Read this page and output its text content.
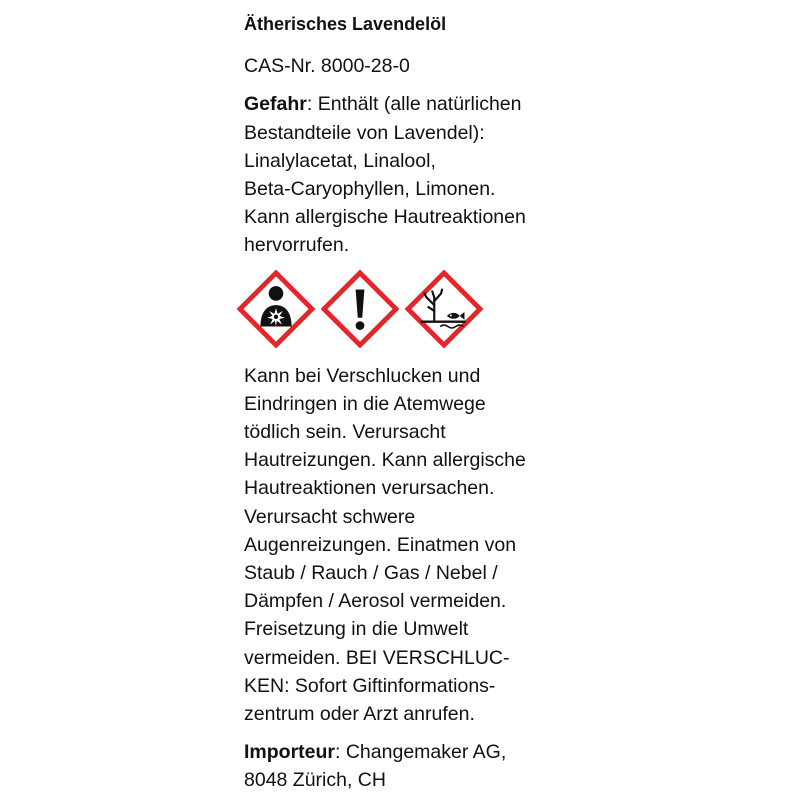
Ätherisches Lavendelöl
CAS-Nr. 8000-28-0
Gefahr: Enthält (alle natürlichen
Bestandteile von Lavendel):
Linalylacetat, Linalool,
Beta-Caryophyllen, Limonen.
Kann allergische Hautreaktionen
hervorrufen.
Kann bei Verschlucken und
Eindringen in die Atemwege
tödlich sein. Verursacht
Hautreizungen. Kann allergische
Hautreaktionen verursachen.
Verursacht schwere
Augenreizungen. Einatmen von
Staub / Rauch / Gas / Nebel /
Dämpfen / Aerosol vermeiden.
Freisetzung in die Umwelt
vermeiden. BEI VERSCHLUC-
KEN: Sofort Giftinformations-
zentrum oder Arzt anrufen.
Importeur: Changemaker AG,
8048 Zürich, CH
